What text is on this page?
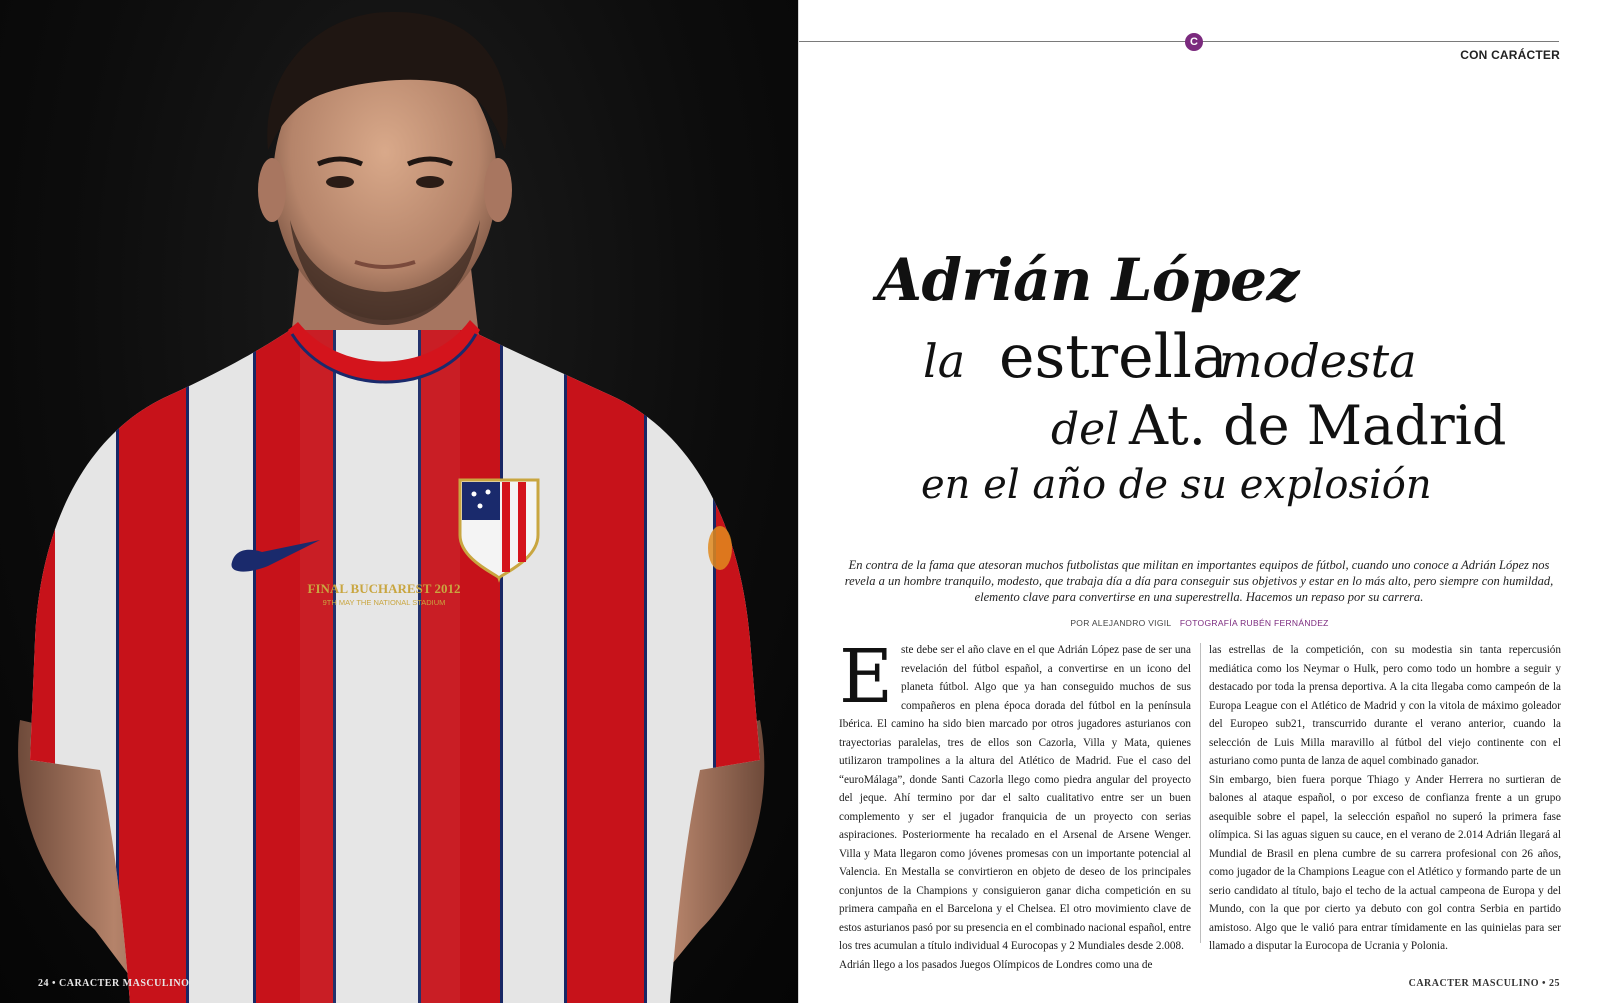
FINAL BUCHAREST 2012
9TH MAY THE NATIONAL STADIUM
24 • CARACTER MASCULINO
C
CON CARÁCTER
Adrián López
la estrella
modesta
del At. de Madrid
en el año de su explosión

En contra de la fama que atesoran muchos futbolistas que militan en importantes equipos de fútbol, cuando uno conoce a Adrián López nos revela a un hombre tranquilo, modesto, que trabaja día a día para conseguir sus objetivos y estar en lo más alto, pero siempre con humildad, elemento clave para convertirse en una superestrella. Hacemos un repaso por su carrera.

POR ALEJANDRO VIGIL FOTOGRAFÍA RUBÉN FERNÁNDEZ
E ste debe ser el año clave en el que Adrián López pase de ser una revelación del fútbol español, a convertirse en un icono del planeta fútbol. Algo que ya han conseguido muchos de sus compañeros en plena época dorada del fútbol en la península Ibérica. El camino ha sido bien marcado por otros jugadores asturianos con trayectorias paralelas, tres de ellos son Cazorla, Villa y Mata, quienes utilizaron trampolines a la altura del Atlético de Madrid. Fue el caso del “euroMálaga”, donde Santi Cazorla llego como piedra angular del proyecto del jeque. Ahí termino por dar el salto cualitativo entre ser un buen complemento y ser el jugador franquicia de un proyecto con serias aspiraciones. Posteriormente ha recalado en el Arsenal de Arsene Wenger. Villa y Mata llegaron como jóvenes promesas con un importante potencial al Valencia. En Mestalla se convirtieron en objeto de deseo de los principales conjuntos de la Champions y consiguieron ganar dicha competición en su primera campaña en el Barcelona y el Chelsea. El otro movimiento clave de estos asturianos pasó por su presencia en el combinado nacional español, entre los tres acumulan a título individual 4 Eurocopas y 2 Mundiales desde 2.008.

Adrián llego a los pasados Juegos Olímpicos de Londres como una de

las estrellas de la competición, con su modestia sin tanta repercusión mediática como los Neymar o Hulk, pero como todo un hombre a seguir y destacado por toda la prensa deportiva. A la cita llegaba como campeón de la Europa League con el Atlético de Madrid y con la vitola de máximo goleador del Europeo sub21, transcurrido durante el verano anterior, cuando la selección de Luis Milla maravillo al fútbol del viejo continente con el asturiano como punta de lanza de aquel combinado ganador.

Sin embargo, bien fuera porque Thiago y Ander Herrera no surtieran de balones al ataque español, o por exceso de confianza frente a un grupo asequible sobre el papel, la selección español no superó la primera fase olímpica. Si las aguas siguen su cauce, en el verano de 2.014 Adrián llegará al Mundial de Brasil en plena cumbre de su carrera profesional con 26 años, como jugador de la Champions League con el Atlético y formando parte de un serio candidato al título, bajo el techo de la actual campeona de Europa y del Mundo, con la que por cierto ya debuto con gol contra Serbia en partido amistoso. Algo que le valió para entrar tímidamente en las quinielas para ser llamado a disputar la Eurocopa de Ucrania y Polonia.

CARACTER MASCULINO • 25
